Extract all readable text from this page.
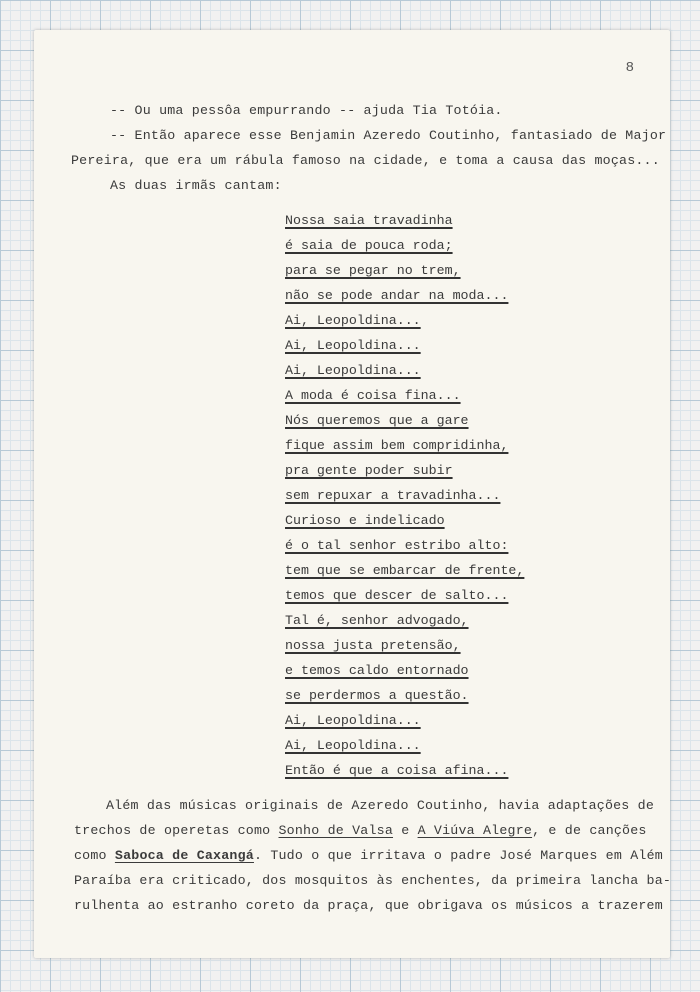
8
-- Ou uma pessôa empurrando -- ajuda Tia Totóia.
-- Então aparece esse Benjamin Azeredo Coutinho, fantasiado de Major
Pereira, que era um rábula famoso na cidade, e toma a causa das moças...
As duas irmãs cantam:
Nossa saia travadinha
é saia de pouca roda;
para se pegar no trem,
não se pode andar na moda...
Ai, Leopoldina...
Ai, Leopoldina...
Ai, Leopoldina...
A moda é coisa fina...
Nós queremos que a gare
fique assim bem compridinha,
pra gente poder subir
sem repuxar a travadinha...
Curioso e indelicado
é o tal senhor estribo alto:
tem que se embarcar de frente,
temos que descer de salto...
Tal é, senhor advogado,
nossa justa pretensão,
e temos caldo entornado
se perdermos a questão.
Ai, Leopoldina...
Ai, Leopoldina...
Então é que a coisa afina...
Além das músicas originais de Azeredo Coutinho, havia adaptações de
trechos de operetas como Sonho de Valsa e A Viúva Alegre, e de canções
como Saboca de Caxangá. Tudo o que irritava o padre José Marques em Além
Paraíba era criticado, dos mosquitos às enchentes, da primeira lancha ba-
rulhenta ao estranho coreto da praça, que obrigava os músicos a trazerem
